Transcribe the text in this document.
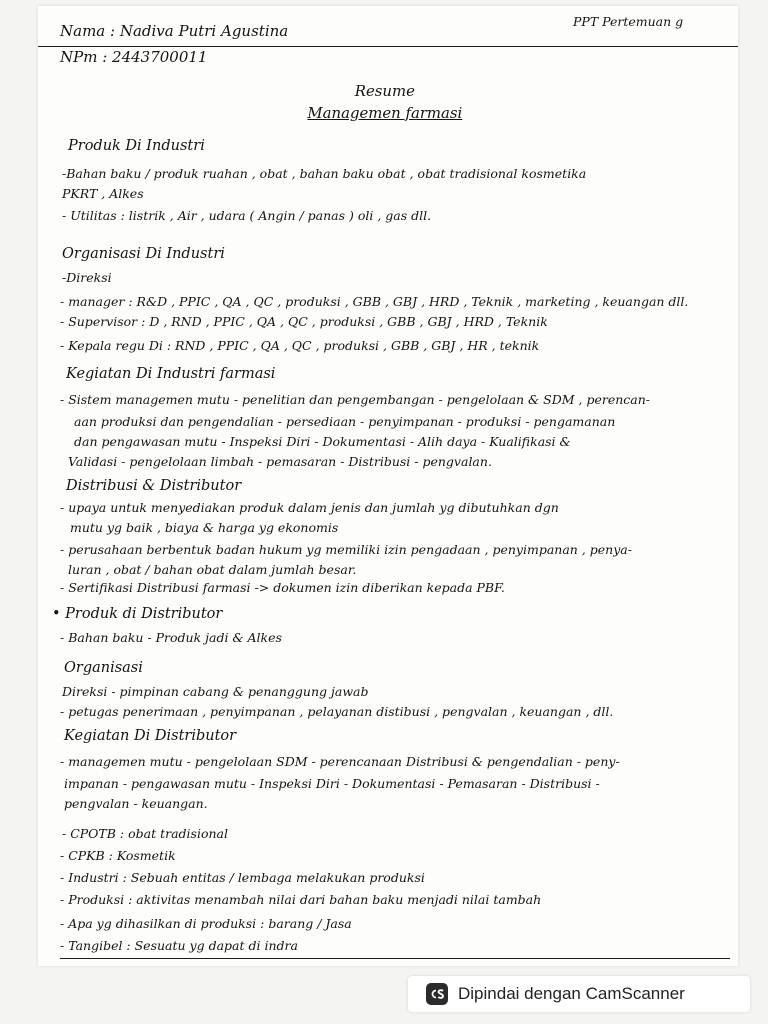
Nama : Nadiva Putri Agustina

NPm : 2443700011

PPT Pertemuan g

Resume

Managemen farmasi

Produk Di Industri

-Bahan baku / produk ruahan , obat , bahan baku obat , obat tradisional kosmetika

PKRT , Alkes

- Utilitas : listrik , Air , udara ( Angin / panas ) oli , gas dll.

Organisasi Di Industri

-Direksi

- manager : R&D , PPIC , QA , QC , produksi , GBB , GBJ , HRD , Teknik , marketing , keuangan dll.

- Supervisor : D , RND , PPIC , QA , QC , produksi , GBB , GBJ , HRD , Teknik

- Kepala regu Di : RND , PPIC , QA , QC , produksi , GBB , GBJ , HR , teknik

Kegiatan Di Industri farmasi

- Sistem managemen mutu - penelitian dan pengembangan - pengelolaan & SDM , perencan-

aan produksi dan pengendalian - persediaan - penyimpanan - produksi - pengamanan

dan pengawasan mutu - Inspeksi Diri - Dokumentasi - Alih daya - Kualifikasi &

Validasi - pengelolaan limbah - pemasaran - Distribusi - pengvalan.

Distribusi & Distributor

- upaya untuk menyediakan produk dalam jenis dan jumlah yg dibutuhkan dgn

mutu yg baik , biaya & harga yg ekonomis

- perusahaan berbentuk badan hukum yg memiliki izin pengadaan , penyimpanan , penya-

luran , obat / bahan obat dalam jumlah besar.

- Sertifikasi Distribusi farmasi -> dokumen izin diberikan kepada PBF.

• Produk di Distributor

- Bahan baku - Produk jadi & Alkes

Organisasi

Direksi - pimpinan cabang & penanggung jawab

- petugas penerimaan , penyimpanan , pelayanan distibusi , pengvalan , keuangan , dll.

Kegiatan Di Distributor

- managemen mutu - pengelolaan SDM - perencanaan Distribusi & pengendalian - peny-

impanan - pengawasan mutu - Inspeksi Diri - Dokumentasi - Pemasaran - Distribusi -

pengvalan - keuangan.

- CPOTB : obat tradisional

- CPKB : Kosmetik

- Industri : Sebuah entitas / lembaga melakukan produksi

- Produksi : aktivitas menambah nilai dari bahan baku menjadi nilai tambah

- Apa yg dihasilkan di produksi : barang / Jasa

- Tangibel : Sesuatu yg dapat di indra

Dipindai dengan CamScanner
